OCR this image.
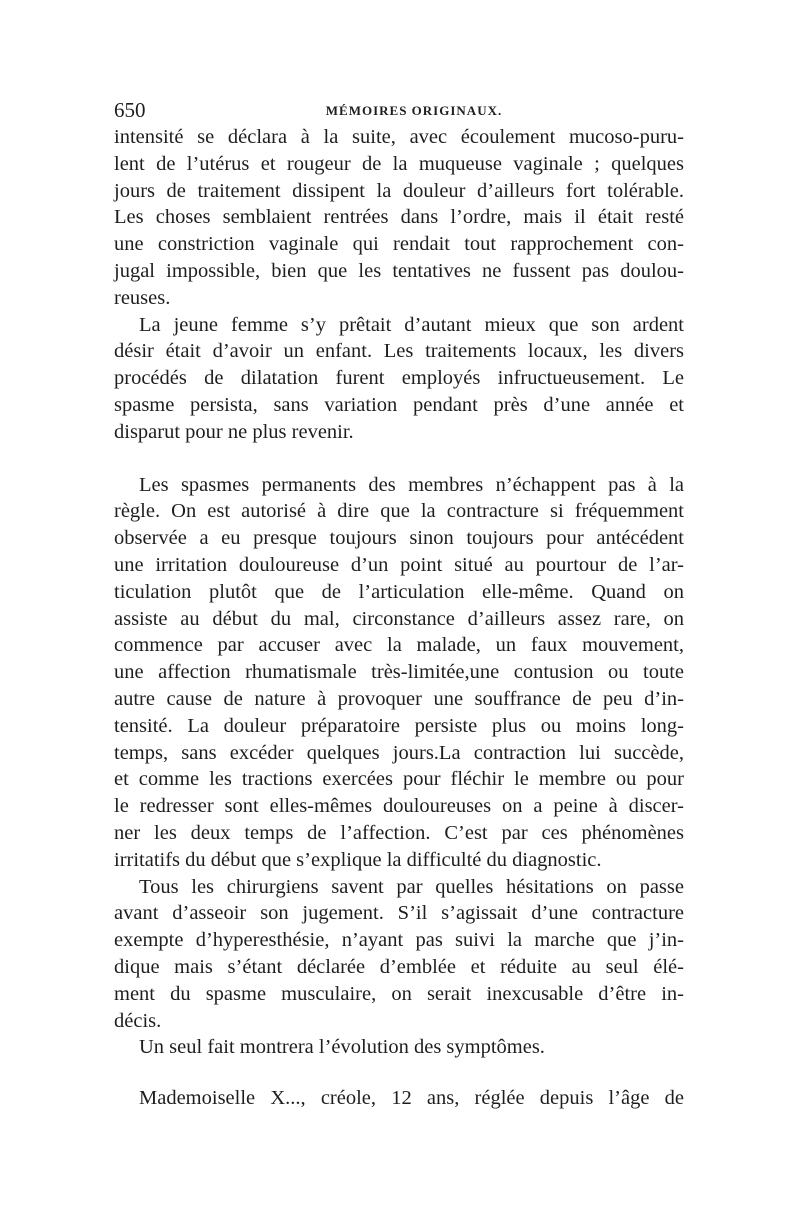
650	MÉMOIRES ORIGINAUX.
intensité se déclara à la suite, avec écoulement mucoso-puru-
lent de l’utérus et rougeur de la muqueuse vaginale ; quelques
jours de traitement dissipent la douleur d’ailleurs fort tolérable.
Les choses semblaient rentrées dans l’ordre, mais il était resté
une constriction vaginale qui rendait tout rapprochement con-
jugal impossible, bien que les tentatives ne fussent pas doulou-
reuses.
La jeune femme s’y prêtait d’autant mieux que son ardent
désir était d’avoir un enfant. Les traitements locaux, les divers
procédés de dilatation furent employés infructueusement. Le
spasme persista, sans variation pendant près d’une année et
disparut pour ne plus revenir.
Les spasmes permanents des membres n’échappent pas à la
règle. On est autorisé à dire que la contracture si fréquemment
observée a eu presque toujours sinon toujours pour antécédent
une irritation douloureuse d’un point situé au pourtour de l’ar-
ticulation plutôt que de l’articulation elle-même. Quand on
assiste au début du mal, circonstance d’ailleurs assez rare, on
commence par accuser avec la malade, un faux mouvement,
une affection rhumatismale très-limitée,une contusion ou toute
autre cause de nature à provoquer une souffrance de peu d’in-
tensité. La douleur préparatoire persiste plus ou moins long-
temps, sans excéder quelques jours.La contraction lui succède,
et comme les tractions exercées pour fléchir le membre ou pour
le redresser sont elles-mêmes douloureuses on a peine à discer-
ner les deux temps de l’affection. C’est par ces phénomènes
irritatifs du début que s’explique la difficulté du diagnostic.
Tous les chirurgiens savent par quelles hésitations on passe
avant d’asseoir son jugement. S’il s’agissait d’une contracture
exempte d’hyperesthésie, n’ayant pas suivi la marche que j’in-
dique mais s’étant déclarée d’emblée et réduite au seul élé-
ment du spasme musculaire, on serait inexcusable d’être in-
décis.
Un seul fait montrera l’évolution des symptômes.
Mademoiselle X..., créole, 12 ans, réglée depuis l’âge de
